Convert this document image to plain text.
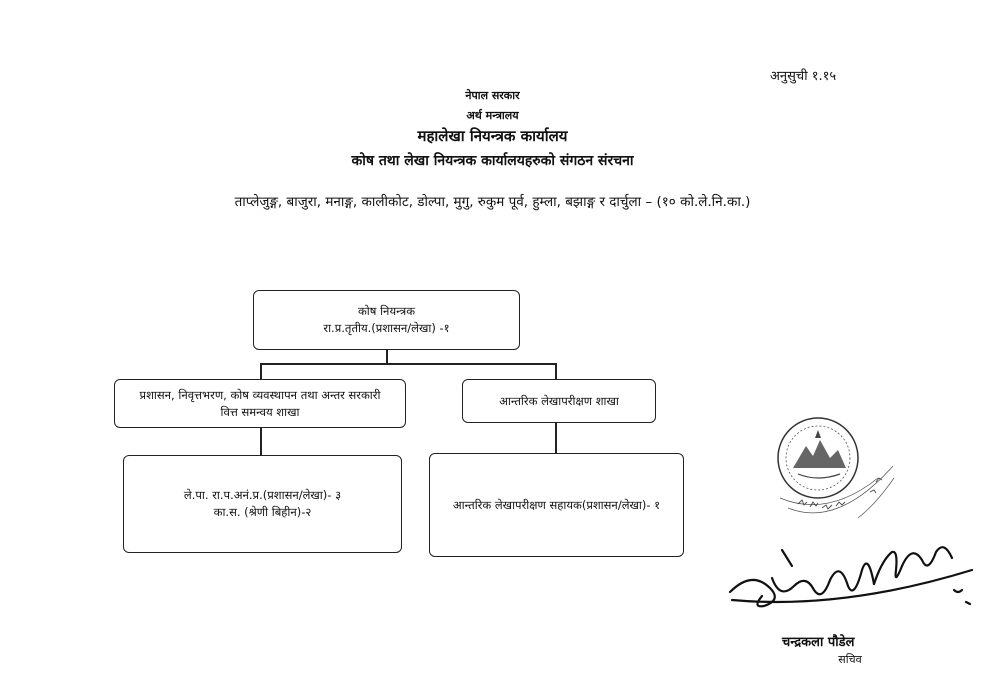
अनुसुची १.१५
नेपाल सरकार
अर्थ मन्त्रालय
महालेखा नियन्त्रक कार्यालय
कोष तथा लेखा नियन्त्रक कार्यालयहरुको संगठन संरचना
ताप्लेजुङ्ग, बाजुरा, मनाङ्ग, कालीकोट, डोल्पा, मुगु, रुकुम पूर्व, हुम्ला, बझाङ्ग र दार्चुला – (१० को.ले.नि.का.)
कोष नियन्त्रक
रा.प्र.तृतीय.(प्रशासन/लेखा) -१
प्रशासन, निवृत्तभरण, कोष व्यवस्थापन तथा अन्तर सरकारी
वित्त समन्वय शाखा
आन्तरिक लेखापरीक्षण शाखा
ले.पा. रा.प.अनं.प्र.(प्रशासन/लेखा)- ३
का.स. (श्रेणी बिहीन)-२
आन्तरिक लेखापरीक्षण सहायक(प्रशासन/लेखा)- १
चन्द्रकला पौडेल
सचिव
